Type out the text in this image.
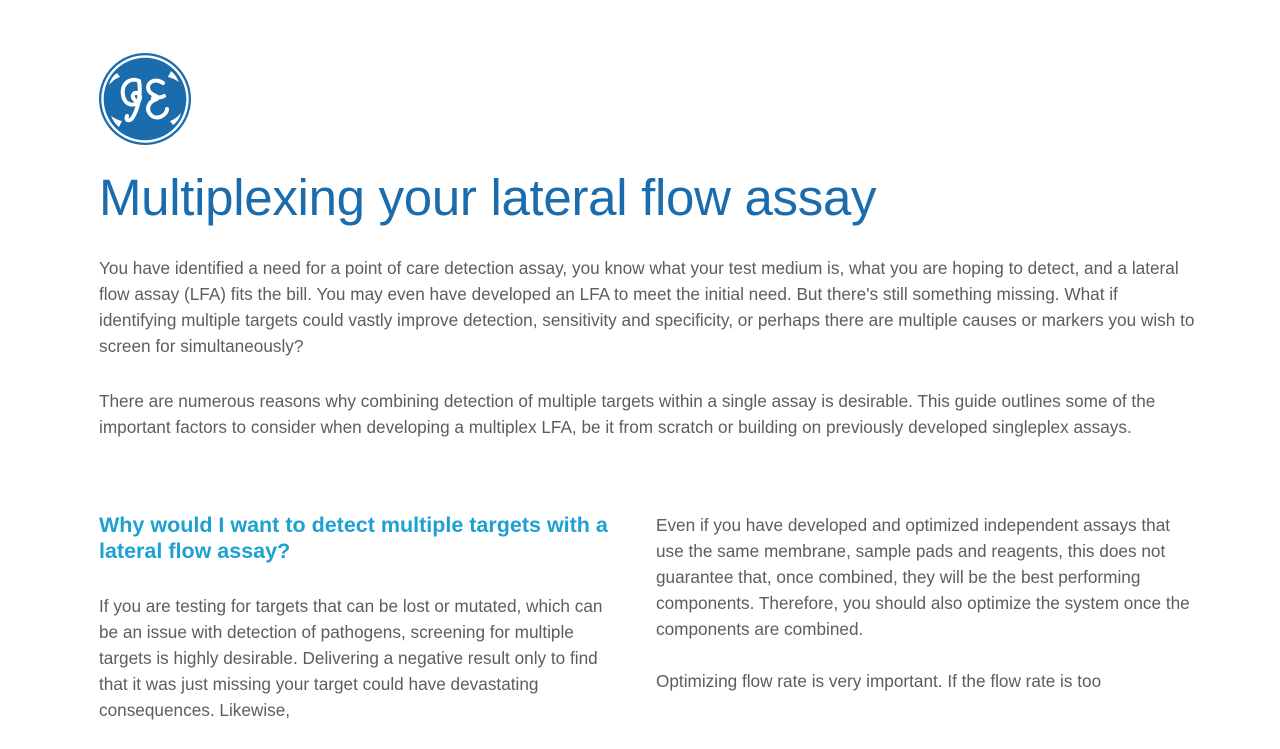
Multiplexing your lateral flow assay

You have identified a need for a point of care detection assay, you know what your test medium is, what you are hoping to detect, and a lateral flow assay (LFA) fits the bill. You may even have developed an LFA to meet the initial need. But there's still something missing. What if identifying multiple targets could vastly improve detection, sensitivity and specificity, or perhaps there are multiple causes or markers you wish to screen for simultaneously?

There are numerous reasons why combining detection of multiple targets within a single assay is desirable. This guide outlines some of the important factors to consider when developing a multiplex LFA, be it from scratch or building on previously developed singleplex assays.

Why would I want to detect multiple targets with a lateral flow assay?

If you are testing for targets that can be lost or mutated, which can be an issue with detection of pathogens, screening for multiple targets is highly desirable. Delivering a negative result only to find that it was just missing your target could have devastating consequences. Likewise,

Even if you have developed and optimized independent assays that use the same membrane, sample pads and reagents, this does not guarantee that, once combined, they will be the best performing components. Therefore, you should also optimize the system once the components are combined.

Optimizing flow rate is very important. If the flow rate is too
